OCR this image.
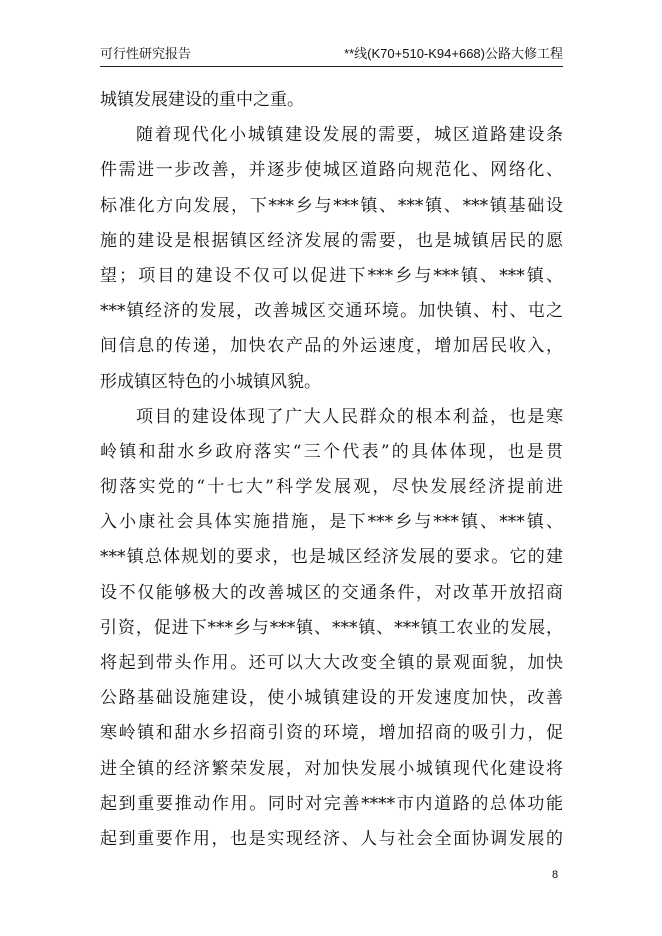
可行性研究报告	**线(K70+510-K94+668)公路大修工程
城镇发展建设的重中之重。
随着现代化小城镇建设发展的需要，城区道路建设条
件需进一步改善，并逐步使城区道路向规范化、网络化、
标准化方向发展，下***乡与***镇、***镇、***镇基础设
施的建设是根据镇区经济发展的需要，也是城镇居民的愿
望；项目的建设不仅可以促进下***乡与***镇、***镇、
***镇经济的发展，改善城区交通环境。加快镇、村、屯之
间信息的传递，加快农产品的外运速度，增加居民收入，
形成镇区特色的小城镇风貌。
项目的建设体现了广大人民群众的根本利益，也是寒
岭镇和甜水乡政府落实“三个代表”的具体体现，也是贯
彻落实党的“十七大”科学发展观，尽快发展经济提前进
入小康社会具体实施措施，是下***乡与***镇、***镇、
***镇总体规划的要求，也是城区经济发展的要求。它的建
设不仅能够极大的改善城区的交通条件，对改革开放招商
引资，促进下***乡与***镇、***镇、***镇工农业的发展，
将起到带头作用。还可以大大改变全镇的景观面貌，加快
公路基础设施建设，使小城镇建设的开发速度加快，改善
寒岭镇和甜水乡招商引资的环境，增加招商的吸引力，促
进全镇的经济繁荣发展，对加快发展小城镇现代化建设将
起到重要推动作用。同时对完善****市内道路的总体功能
起到重要作用，也是实现经济、人与社会全面协调发展的
8
